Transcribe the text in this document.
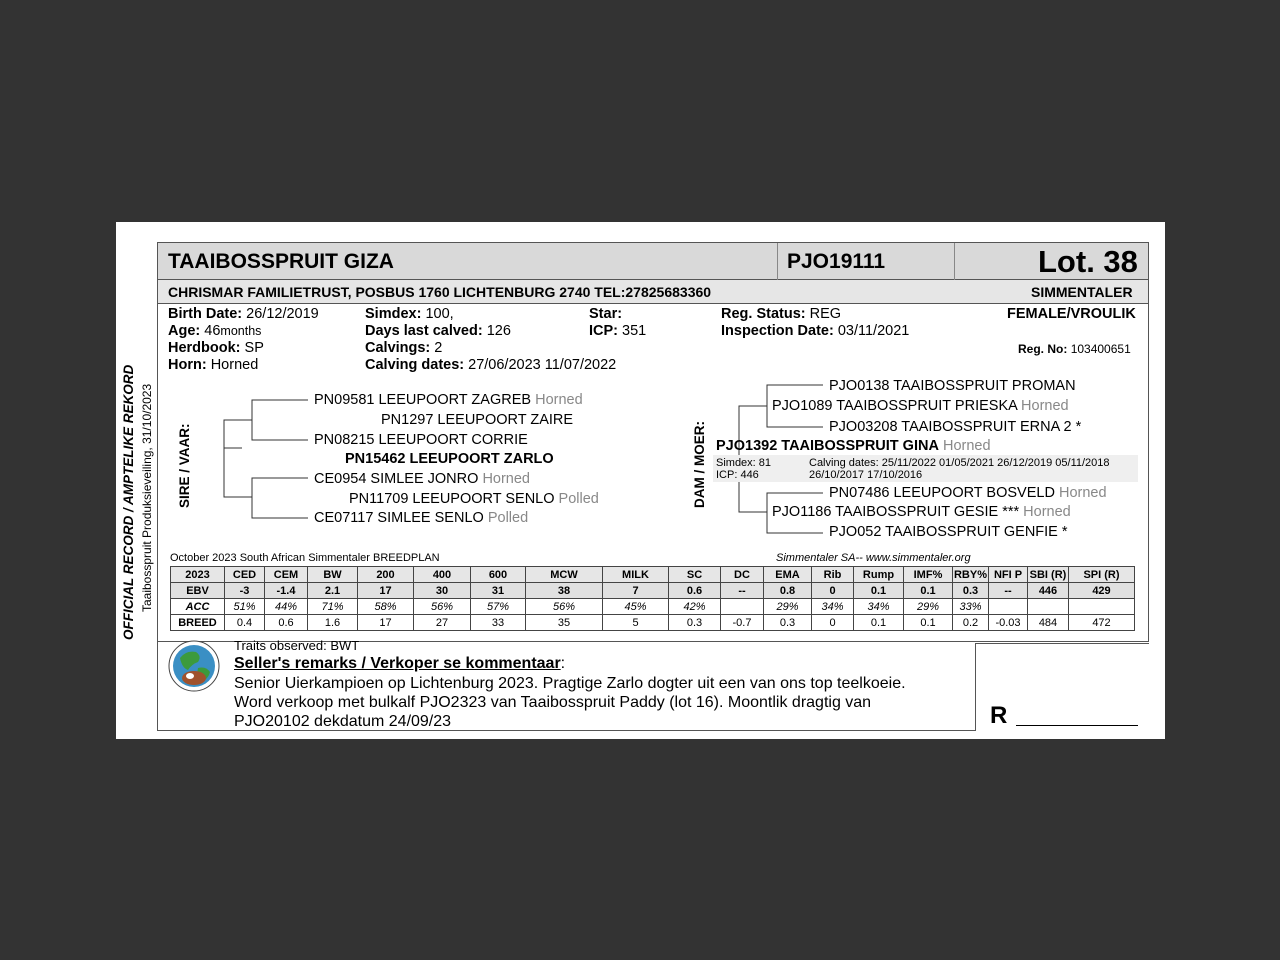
OFFICIAL RECORD / AMPTELIKE REKORD Taaibosspruit Produksieveiling, 31/10/2023
TAAIBOSSPRUIT GIZA	PJO19111	Lot. 38
CHRISMAR FAMILIETRUST, POSBUS 1760 LICHTENBURG 2740 TEL:27825683360	SIMMENTALER
Birth Date: 26/12/2019
Age: 46months
Herdbook: SP
Horn: Horned
Simdex: 100,
Days last calved: 126
Calvings: 2
Calving dates: 27/06/2023 11/07/2022
Star:
ICP: 351
Reg. Status: REG
Inspection Date: 03/11/2021
FEMALE/VROULIK
Reg. No: 103400651
SIRE / VAAR:
PN09581 LEEUPOORT ZAGREB Horned
PN1297 LEEUPOORT ZAIRE
PN08215 LEEUPOORT CORRIE
PN15462 LEEUPOORT ZARLO
CE0954 SIMLEE JONRO Horned
PN11709 LEEUPOORT SENLO Polled
CE07117 SIMLEE SENLO Polled
DAM / MOER:
PJO0138 TAAIBOSSPRUIT PROMAN
PJO1089 TAAIBOSSPRUIT PRIESKA Horned
PJO03208 TAAIBOSSPRUIT ERNA 2 *
PJO1392 TAAIBOSSPRUIT GINA Horned
Simdex: 81
ICP: 446
Calving dates: 25/11/2022 01/05/2021 26/12/2019 05/11/2018
26/10/2017 17/10/2016
PN07486 LEEUPOORT BOSVELD Horned
PJO1186 TAAIBOSSPRUIT GESIE *** Horned
PJO052 TAAIBOSSPRUIT GENFIE *
October 2023 South African Simmentaler BREEDPLAN	Simmentaler SA-- www.simmentaler.org
2023	CED	CEM	BW	200	400	600	MCW	MILK	SC	DC	EMA	Rib	Rump	IMF%	RBY%	NFI P	SBI (R)	SPI (R)
EBV	-3	-1.4	2.1	17	30	31	38	7	0.6	--	0.8	0	0.1	0.1	0.3	--	446	429
ACC	51%	44%	71%	58%	56%	57%	56%	45%	42%		29%	34%	34%	29%	33%			
BREED	0.4	0.6	1.6	17	27	33	35	5	0.3	-0.7	0.3	0	0.1	0.1	0.2	-0.03	484	472
Traits observed: BWT
Seller's remarks / Verkoper se kommentaar:
Senior Uierkampioen op Lichtenburg 2023. Pragtige Zarlo dogter uit een van ons top teelkoeie.
Word verkoop met bulkalf PJO2323 van Taaibosspruit Paddy (lot 16). Moontlik dragtig van
PJO20102 dekdatum 24/09/23	R
